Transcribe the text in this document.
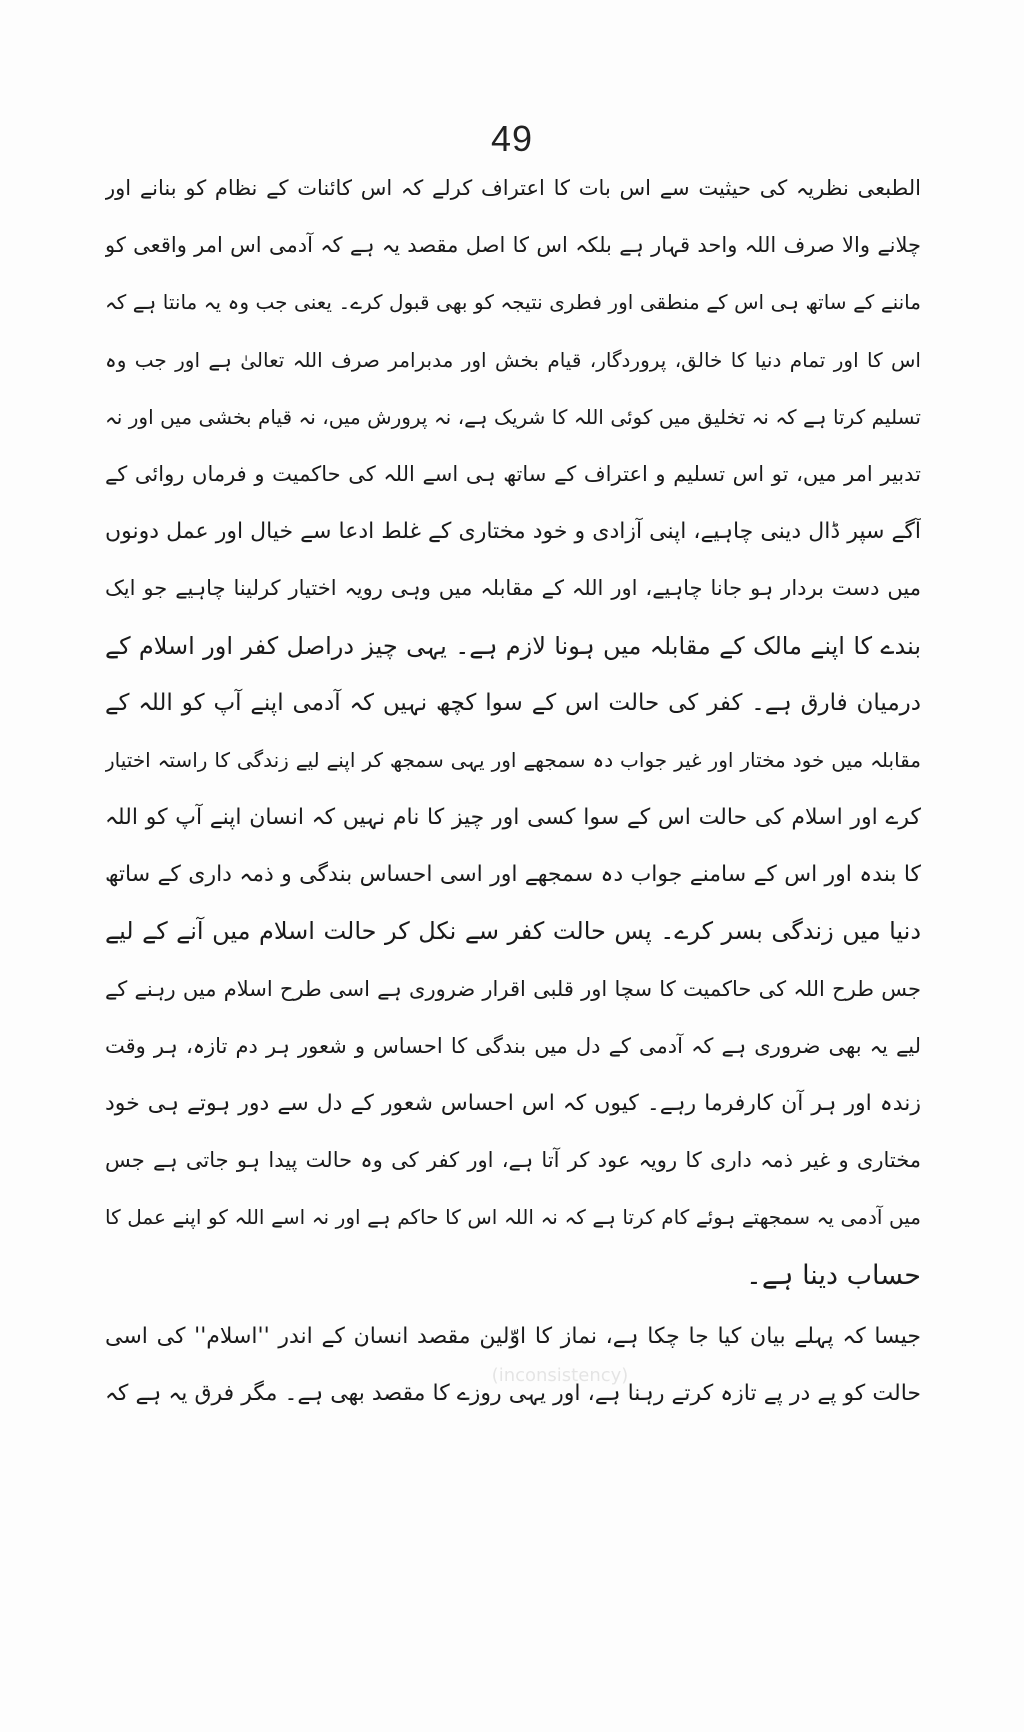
49
(inconsistency)
الطبعی نظریہ کی حیثیت سے اس بات کا اعتراف کرلے کہ اس کائنات کے نظام کو بنانے اور
چلانے والا صرف اللہ واحد قہار ہے بلکہ اس کا اصل مقصد یہ ہے کہ آدمی اس امر واقعی کو
ماننے کے ساتھ ہی اس کے منطقی اور فطری نتیجہ کو بھی قبول کرے۔ یعنی جب وہ یہ مانتا ہے کہ
اس کا اور تمام دنیا کا خالق، پروردگار، قیام بخش اور مدبرامر صرف اللہ تعالیٰ ہے اور جب وہ
تسلیم کرتا ہے کہ نہ تخلیق میں کوئی اللہ کا شریک ہے، نہ پرورش میں، نہ قیام بخشی میں اور نہ
تدبیر امر میں، تو اس تسلیم و اعتراف کے ساتھ ہی اسے اللہ کی حاکمیت و فرماں روائی کے
آگے سپر ڈال دینی چاہیے، اپنی آزادی و خود مختاری کے غلط ادعا سے خیال اور عمل دونوں
میں دست بردار ہو جانا چاہیے، اور اللہ کے مقابلہ میں وہی رویہ اختیار کرلینا چاہیے جو ایک
بندے کا اپنے مالک کے مقابلہ میں ہونا لازم ہے۔ یہی چیز دراصل کفر اور اسلام کے
درمیان فارق ہے۔ کفر کی حالت اس کے سوا کچھ نہیں کہ آدمی اپنے آپ کو اللہ کے
مقابلہ میں خود مختار اور غیر جواب دہ سمجھے اور یہی سمجھ کر اپنے لیے زندگی کا راستہ اختیار
کرے اور اسلام کی حالت اس کے سوا کسی اور چیز کا نام نہیں کہ انسان اپنے آپ کو اللہ
کا بندہ اور اس کے سامنے جواب دہ سمجھے اور اسی احساس بندگی و ذمہ داری کے ساتھ
دنیا میں زندگی بسر کرے۔ پس حالت کفر سے نکل کر حالت اسلام میں آنے کے لیے
جس طرح اللہ کی حاکمیت کا سچا اور قلبی اقرار ضروری ہے اسی طرح اسلام میں رہنے کے
لیے یہ بھی ضروری ہے کہ آدمی کے دل میں بندگی کا احساس و شعور ہر دم تازہ، ہر وقت
زندہ اور ہر آن کارفرما رہے۔ کیوں کہ اس احساس شعور کے دل سے دور ہوتے ہی خود
مختاری و غیر ذمہ داری کا رویہ عود کر آتا ہے، اور کفر کی وہ حالت پیدا ہو جاتی ہے جس
میں آدمی یہ سمجھتے ہوئے کام کرتا ہے کہ نہ اللہ اس کا حاکم ہے اور نہ اسے اللہ کو اپنے عمل کا
حساب دینا ہے۔
جیسا کہ پہلے بیان کیا جا چکا ہے، نماز کا اوّلین مقصد انسان کے اندر ''اسلام'' کی اسی
حالت کو پے در پے تازہ کرتے رہنا ہے، اور یہی روزے کا مقصد بھی ہے۔ مگر فرق یہ ہے کہ
